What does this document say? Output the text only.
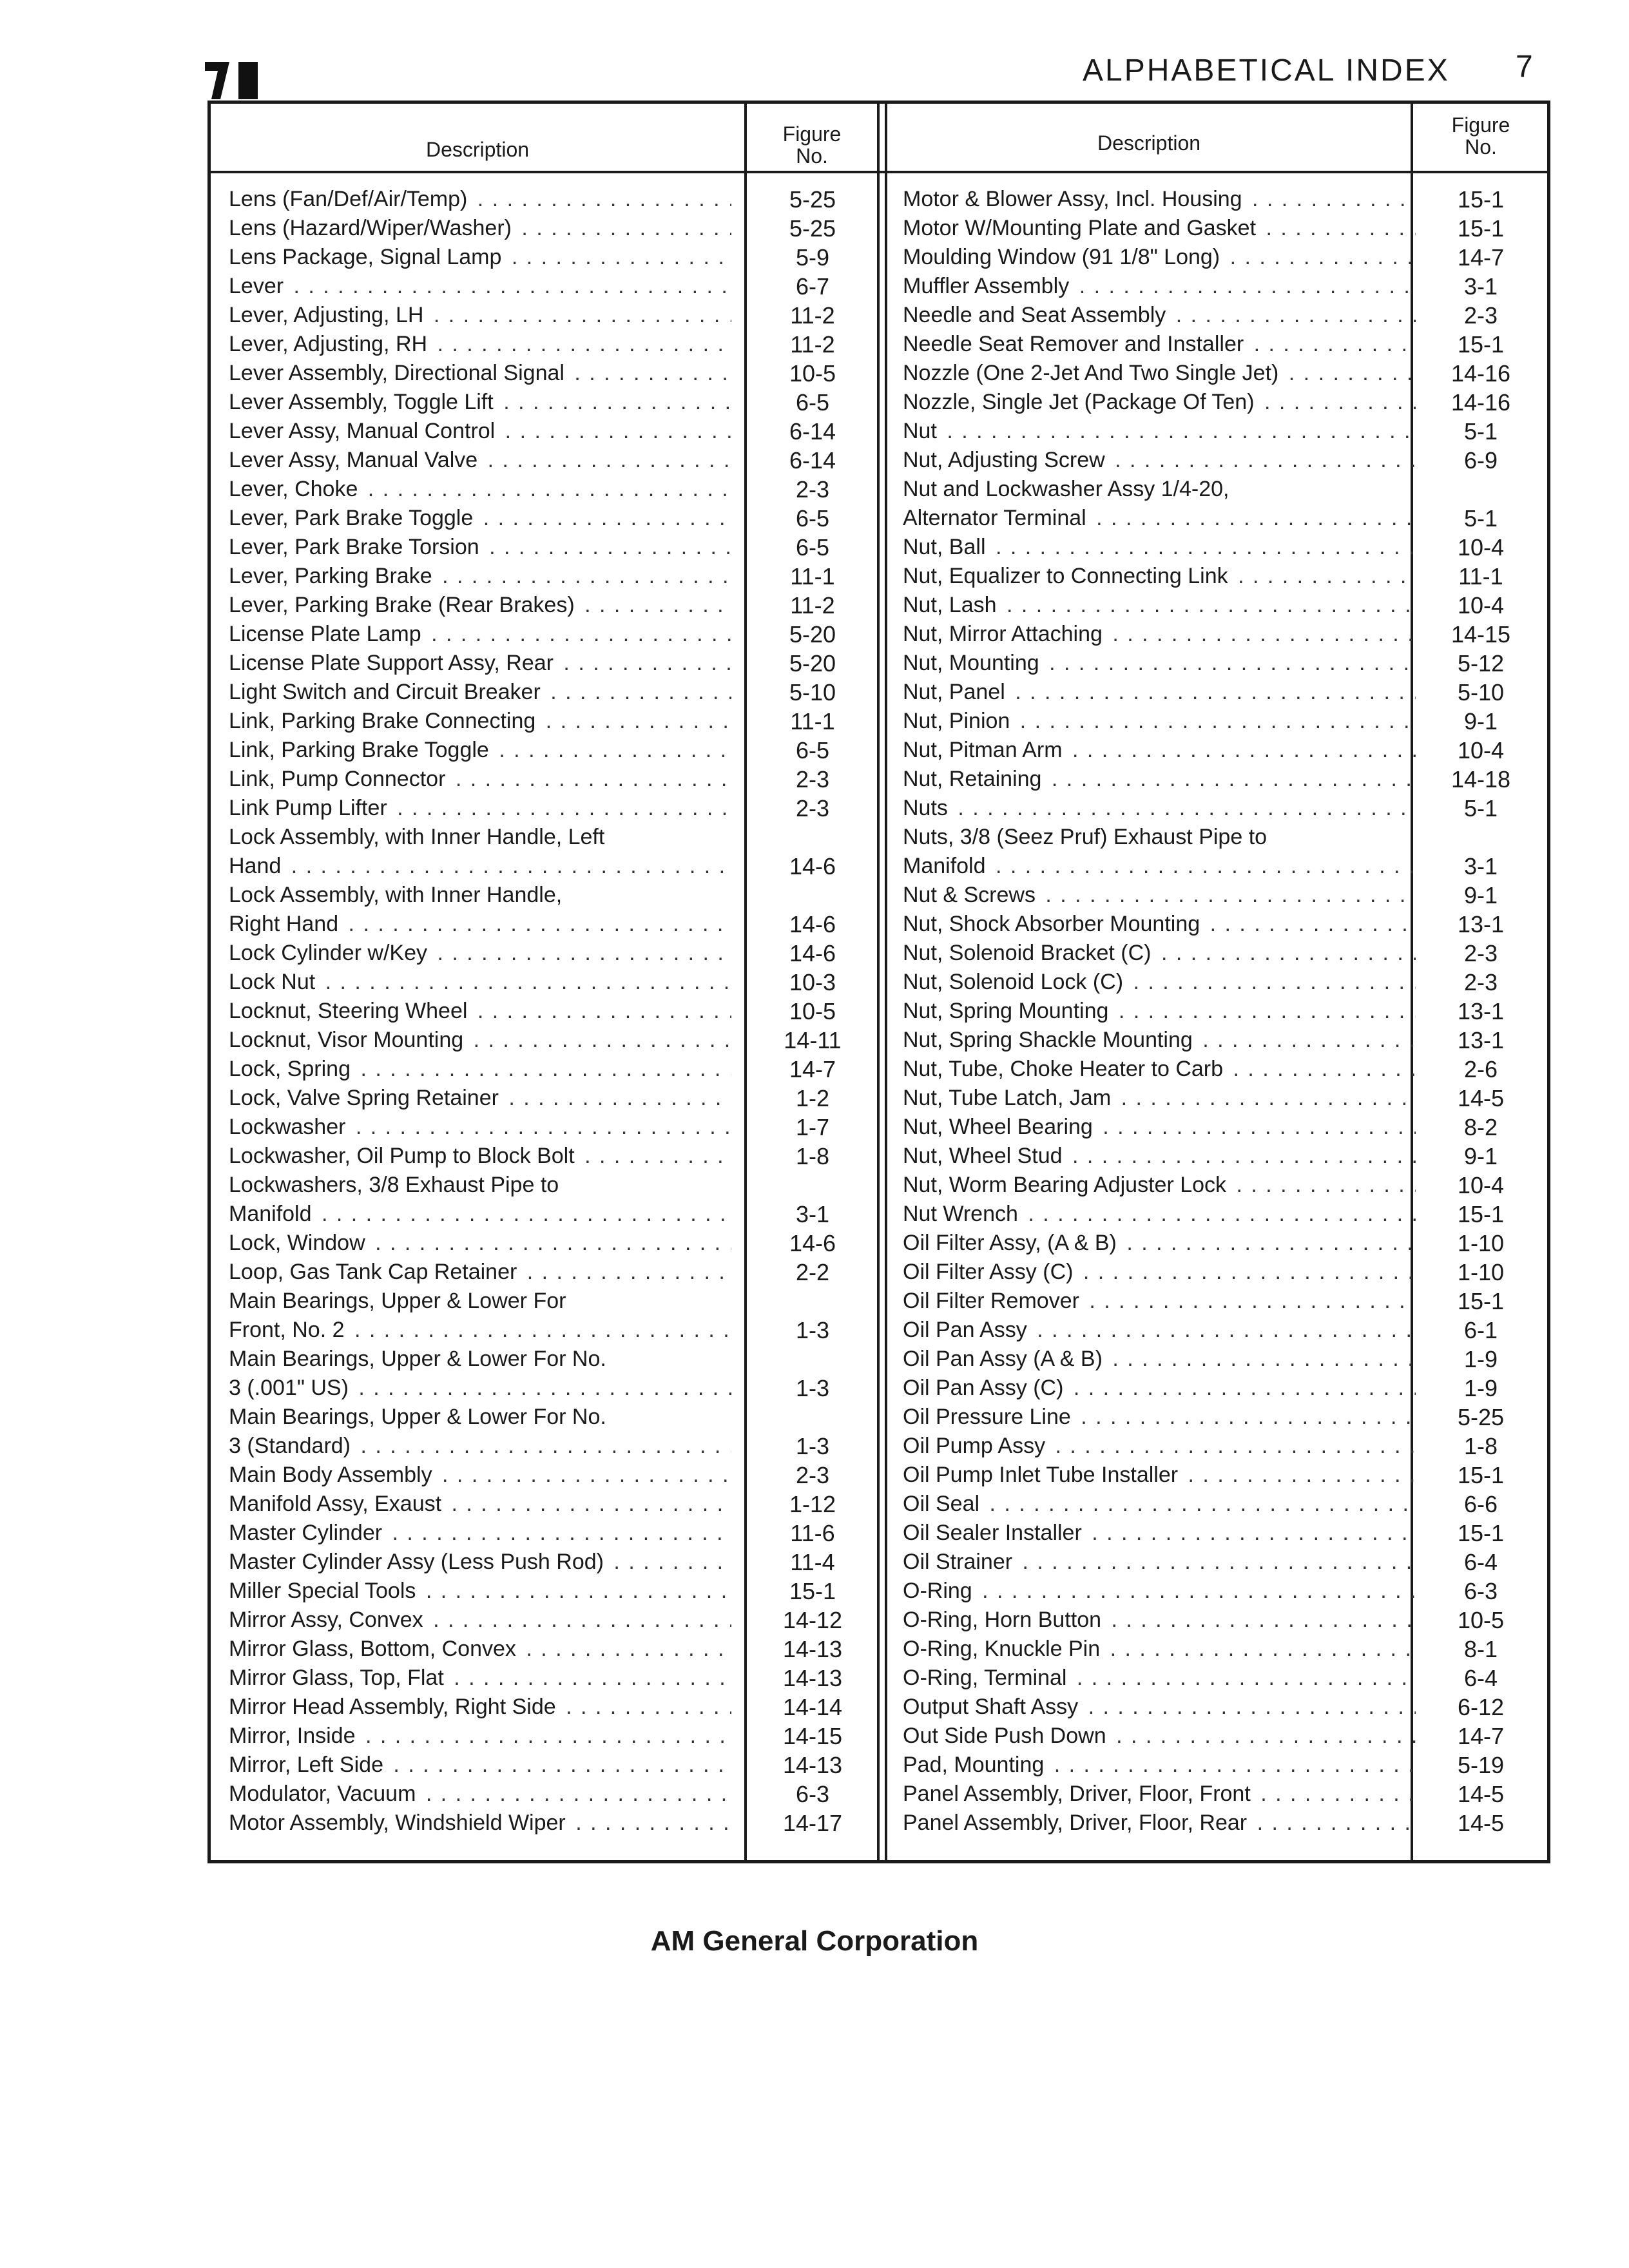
ALPHABETICAL INDEX 7
Description
Figure
No.
Description
Figure
No.
Lens (Fan/Def/Air/Temp) . . .	5-25
Lens (Hazard/Wiper/Washer) . . .	5-25
Lens Package, Signal Lamp . . .	5-9
Lever . . .	6-7
Lever, Adjusting, LH . . .	11-2
Lever, Adjusting, RH . . .	11-2
Lever Assembly, Directional Signal . . .	10-5
Lever Assembly, Toggle Lift . . .	6-5
Lever Assy, Manual Control . . .	6-14
Lever Assy, Manual Valve . . .	6-14
Lever, Choke . . .	2-3
Lever, Park Brake Toggle . . .	6-5
Lever, Park Brake Torsion . . .	6-5
Lever, Parking Brake . . .	11-1
Lever, Parking Brake (Rear Brakes) . . .	11-2
License Plate Lamp . . .	5-20
License Plate Support Assy, Rear . . .	5-20
Light Switch and Circuit Breaker . . .	5-10
Link, Parking Brake Connecting . . .	11-1
Link, Parking Brake Toggle . . .	6-5
Link, Pump Connector . . .	2-3
Link Pump Lifter . . .	2-3
Lock Assembly, with Inner Handle, Left
Hand . . .	14-6
Lock Assembly, with Inner Handle,
Right Hand . . .	14-6
Lock Cylinder w/Key . . .	14-6
Lock Nut . . .	10-3
Locknut, Steering Wheel . . .	10-5
Locknut, Visor Mounting . . .	14-11
Lock, Spring . . .	14-7
Lock, Valve Spring Retainer . . .	1-2
Lockwasher . . .	1-7
Lockwasher, Oil Pump to Block Bolt . . .	1-8
Lockwashers, 3/8 Exhaust Pipe to
Manifold . . .	3-1
Lock, Window . . .	14-6
Loop, Gas Tank Cap Retainer . . .	2-2
Main Bearings, Upper & Lower For
Front, No. 2 . . .	1-3
Main Bearings, Upper & Lower For No.
3 (.001" US) . . .	1-3
Main Bearings, Upper & Lower For No.
3 (Standard) . . .	1-3
Main Body Assembly . . .	2-3
Manifold Assy, Exaust . . .	1-12
Master Cylinder . . .	11-6
Master Cylinder Assy (Less Push Rod) . . .	11-4
Miller Special Tools . . .	15-1
Mirror Assy, Convex . . .	14-12
Mirror Glass, Bottom, Convex . . .	14-13
Mirror Glass, Top, Flat . . .	14-13
Mirror Head Assembly, Right Side . . .	14-14
Mirror, Inside . . .	14-15
Mirror, Left Side . . .	14-13
Modulator, Vacuum . . .	6-3
Motor Assembly, Windshield Wiper . . .	14-17
Motor & Blower Assy, Incl. Housing . . .	15-1
Motor W/Mounting Plate and Gasket . . .	15-1
Moulding Window (91 1/8" Long) . . .	14-7
Muffler Assembly . . .	3-1
Needle and Seat Assembly . . .	2-3
Needle Seat Remover and Installer . . .	15-1
Nozzle (One 2-Jet And Two Single Jet) . . .	14-16
Nozzle, Single Jet (Package Of Ten) . . .	14-16
Nut . . .	5-1
Nut, Adjusting Screw . . .	6-9
Nut and Lockwasher Assy 1/4-20,
Alternator Terminal . . .	5-1
Nut, Ball . . .	10-4
Nut, Equalizer to Connecting Link . . .	11-1
Nut, Lash . . .	10-4
Nut, Mirror Attaching . . .	14-15
Nut, Mounting . . .	5-12
Nut, Panel . . .	5-10
Nut, Pinion . . .	9-1
Nut, Pitman Arm . . .	10-4
Nut, Retaining . . .	14-18
Nuts . . .	5-1
Nuts, 3/8 (Seez Pruf) Exhaust Pipe to
Manifold . . .	3-1
Nut & Screws . . .	9-1
Nut, Shock Absorber Mounting . . .	13-1
Nut, Solenoid Bracket (C) . . .	2-3
Nut, Solenoid Lock (C) . . .	2-3
Nut, Spring Mounting . . .	13-1
Nut, Spring Shackle Mounting . . .	13-1
Nut, Tube, Choke Heater to Carb . . .	2-6
Nut, Tube Latch, Jam . . .	14-5
Nut, Wheel Bearing . . .	8-2
Nut, Wheel Stud . . .	9-1
Nut, Worm Bearing Adjuster Lock . . .	10-4
Nut Wrench . . .	15-1
Oil Filter Assy, (A & B) . . .	1-10
Oil Filter Assy (C) . . .	1-10
Oil Filter Remover . . .	15-1
Oil Pan Assy . . .	6-1
Oil Pan Assy (A & B) . . .	1-9
Oil Pan Assy (C) . . .	1-9
Oil Pressure Line . . .	5-25
Oil Pump Assy . . .	1-8
Oil Pump Inlet Tube Installer . . .	15-1
Oil Seal . . .	6-6
Oil Sealer Installer . . .	15-1
Oil Strainer . . .	6-4
O-Ring . . .	6-3
O-Ring, Horn Button . . .	10-5
O-Ring, Knuckle Pin . . .	8-1
O-Ring, Terminal . . .	6-4
Output Shaft Assy . . .	6-12
Out Side Push Down . . .	14-7
Pad, Mounting . . .	5-19
Panel Assembly, Driver, Floor, Front . . .	14-5
Panel Assembly, Driver, Floor, Rear . . .	14-5
AM General Corporation
